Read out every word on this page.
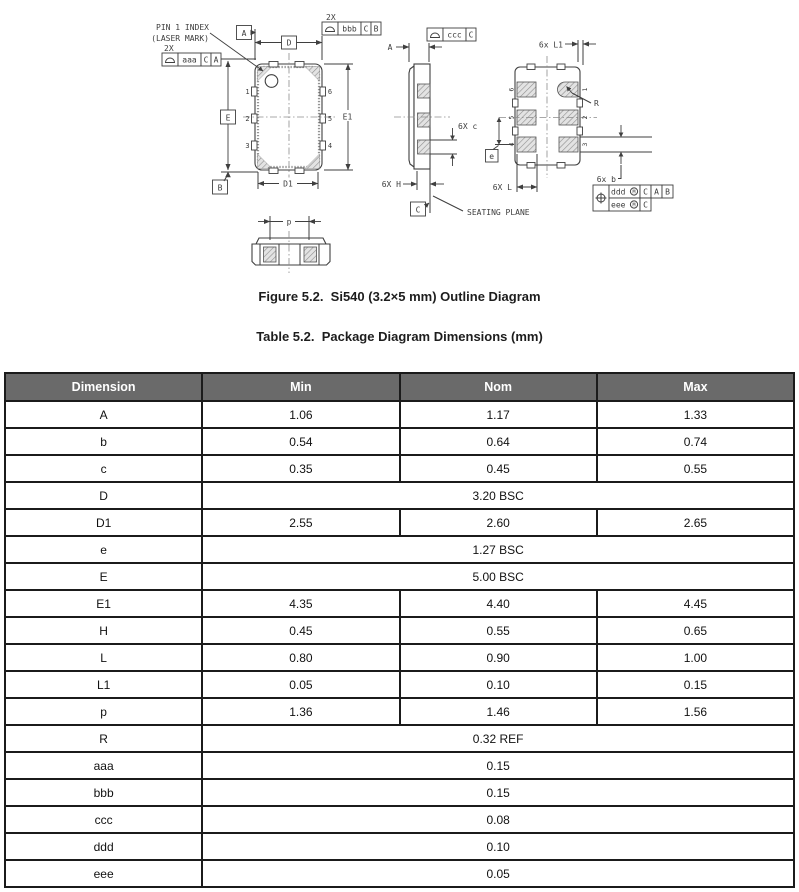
PIN 1 INDEX
(LASER MARK)	D
A
E
B
E1
D1
1
2
3
6
5
4
2X
aaa C A
2X
bbb C B
A
ccc C
6X c
6X H
C	SEATING PLANE
6
5
4
1
2
3
R
6x L1
e
6X L
6x b
ddd M C A B
eee M C
p
Figure 5.2.  Si540 (3.2×5 mm) Outline Diagram
Table 5.2.  Package Diagram Dimensions (mm)
Dimension	Min	Nom	Max
A	1.06	1.17	1.33
b	0.54	0.64	0.74
c	0.35	0.45	0.55
D	3.20 BSC		
D1	2.55	2.60	2.65
e	1.27 BSC		
E	5.00 BSC		
E1	4.35	4.40	4.45
H	0.45	0.55	0.65
L	0.80	0.90	1.00
L1	0.05	0.10	0.15
p	1.36	1.46	1.56
R	0.32 REF		
aaa	0.15		
bbb	0.15		
ccc	0.08		
ddd	0.10		
eee	0.05		
